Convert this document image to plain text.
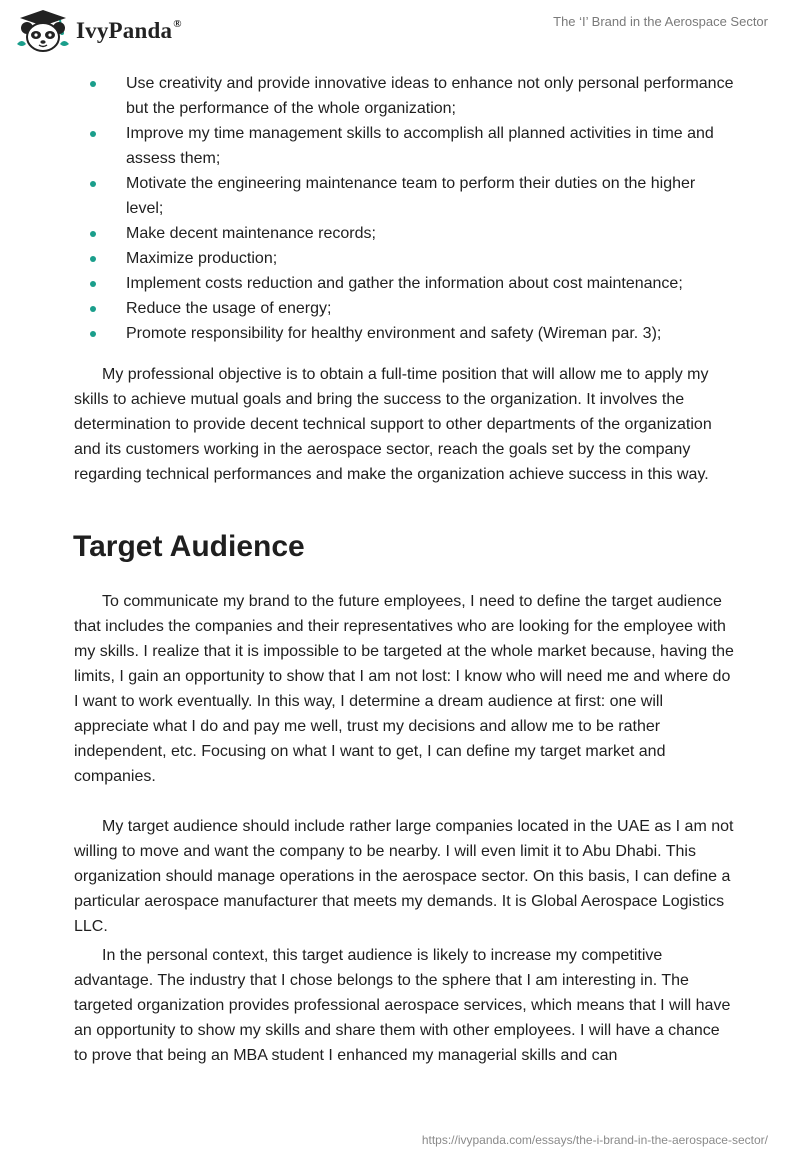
IvyPanda®	The ‘I’ Brand in the Aerospace Sector
Use creativity and provide innovative ideas to enhance not only personal performance but the performance of the whole organization;
Improve my time management skills to accomplish all planned activities in time and assess them;
Motivate the engineering maintenance team to perform their duties on the higher level;
Make decent maintenance records;
Maximize production;
Implement costs reduction and gather the information about cost maintenance;
Reduce the usage of energy;
Promote responsibility for healthy environment and safety (Wireman par. 3);

My professional objective is to obtain a full-time position that will allow me to apply my skills to achieve mutual goals and bring the success to the organization. It involves the determination to provide decent technical support to other departments of the organization and its customers working in the aerospace sector, reach the goals set by the company regarding technical performances and make the organization achieve success in this way.

Target Audience

To communicate my brand to the future employees, I need to define the target audience that includes the companies and their representatives who are looking for the employee with my skills. I realize that it is impossible to be targeted at the whole market because, having the limits, I gain an opportunity to show that I am not lost: I know who will need me and where do I want to work eventually. In this way, I determine a dream audience at first: one will appreciate what I do and pay me well, trust my decisions and allow me to be rather independent, etc. Focusing on what I want to get, I can define my target market and companies.

My target audience should include rather large companies located in the UAE as I am not willing to move and want the company to be nearby. I will even limit it to Abu Dhabi. This organization should manage operations in the aerospace sector. On this basis, I can define a particular aerospace manufacturer that meets my demands. It is Global Aerospace Logistics LLC.

In the personal context, this target audience is likely to increase my competitive advantage. The industry that I chose belongs to the sphere that I am interesting in. The targeted organization provides professional aerospace services, which means that I will have an opportunity to show my skills and share them with other employees. I will have a chance to prove that being an MBA student I enhanced my managerial skills and can

https://ivypanda.com/essays/the-i-brand-in-the-aerospace-sector/
